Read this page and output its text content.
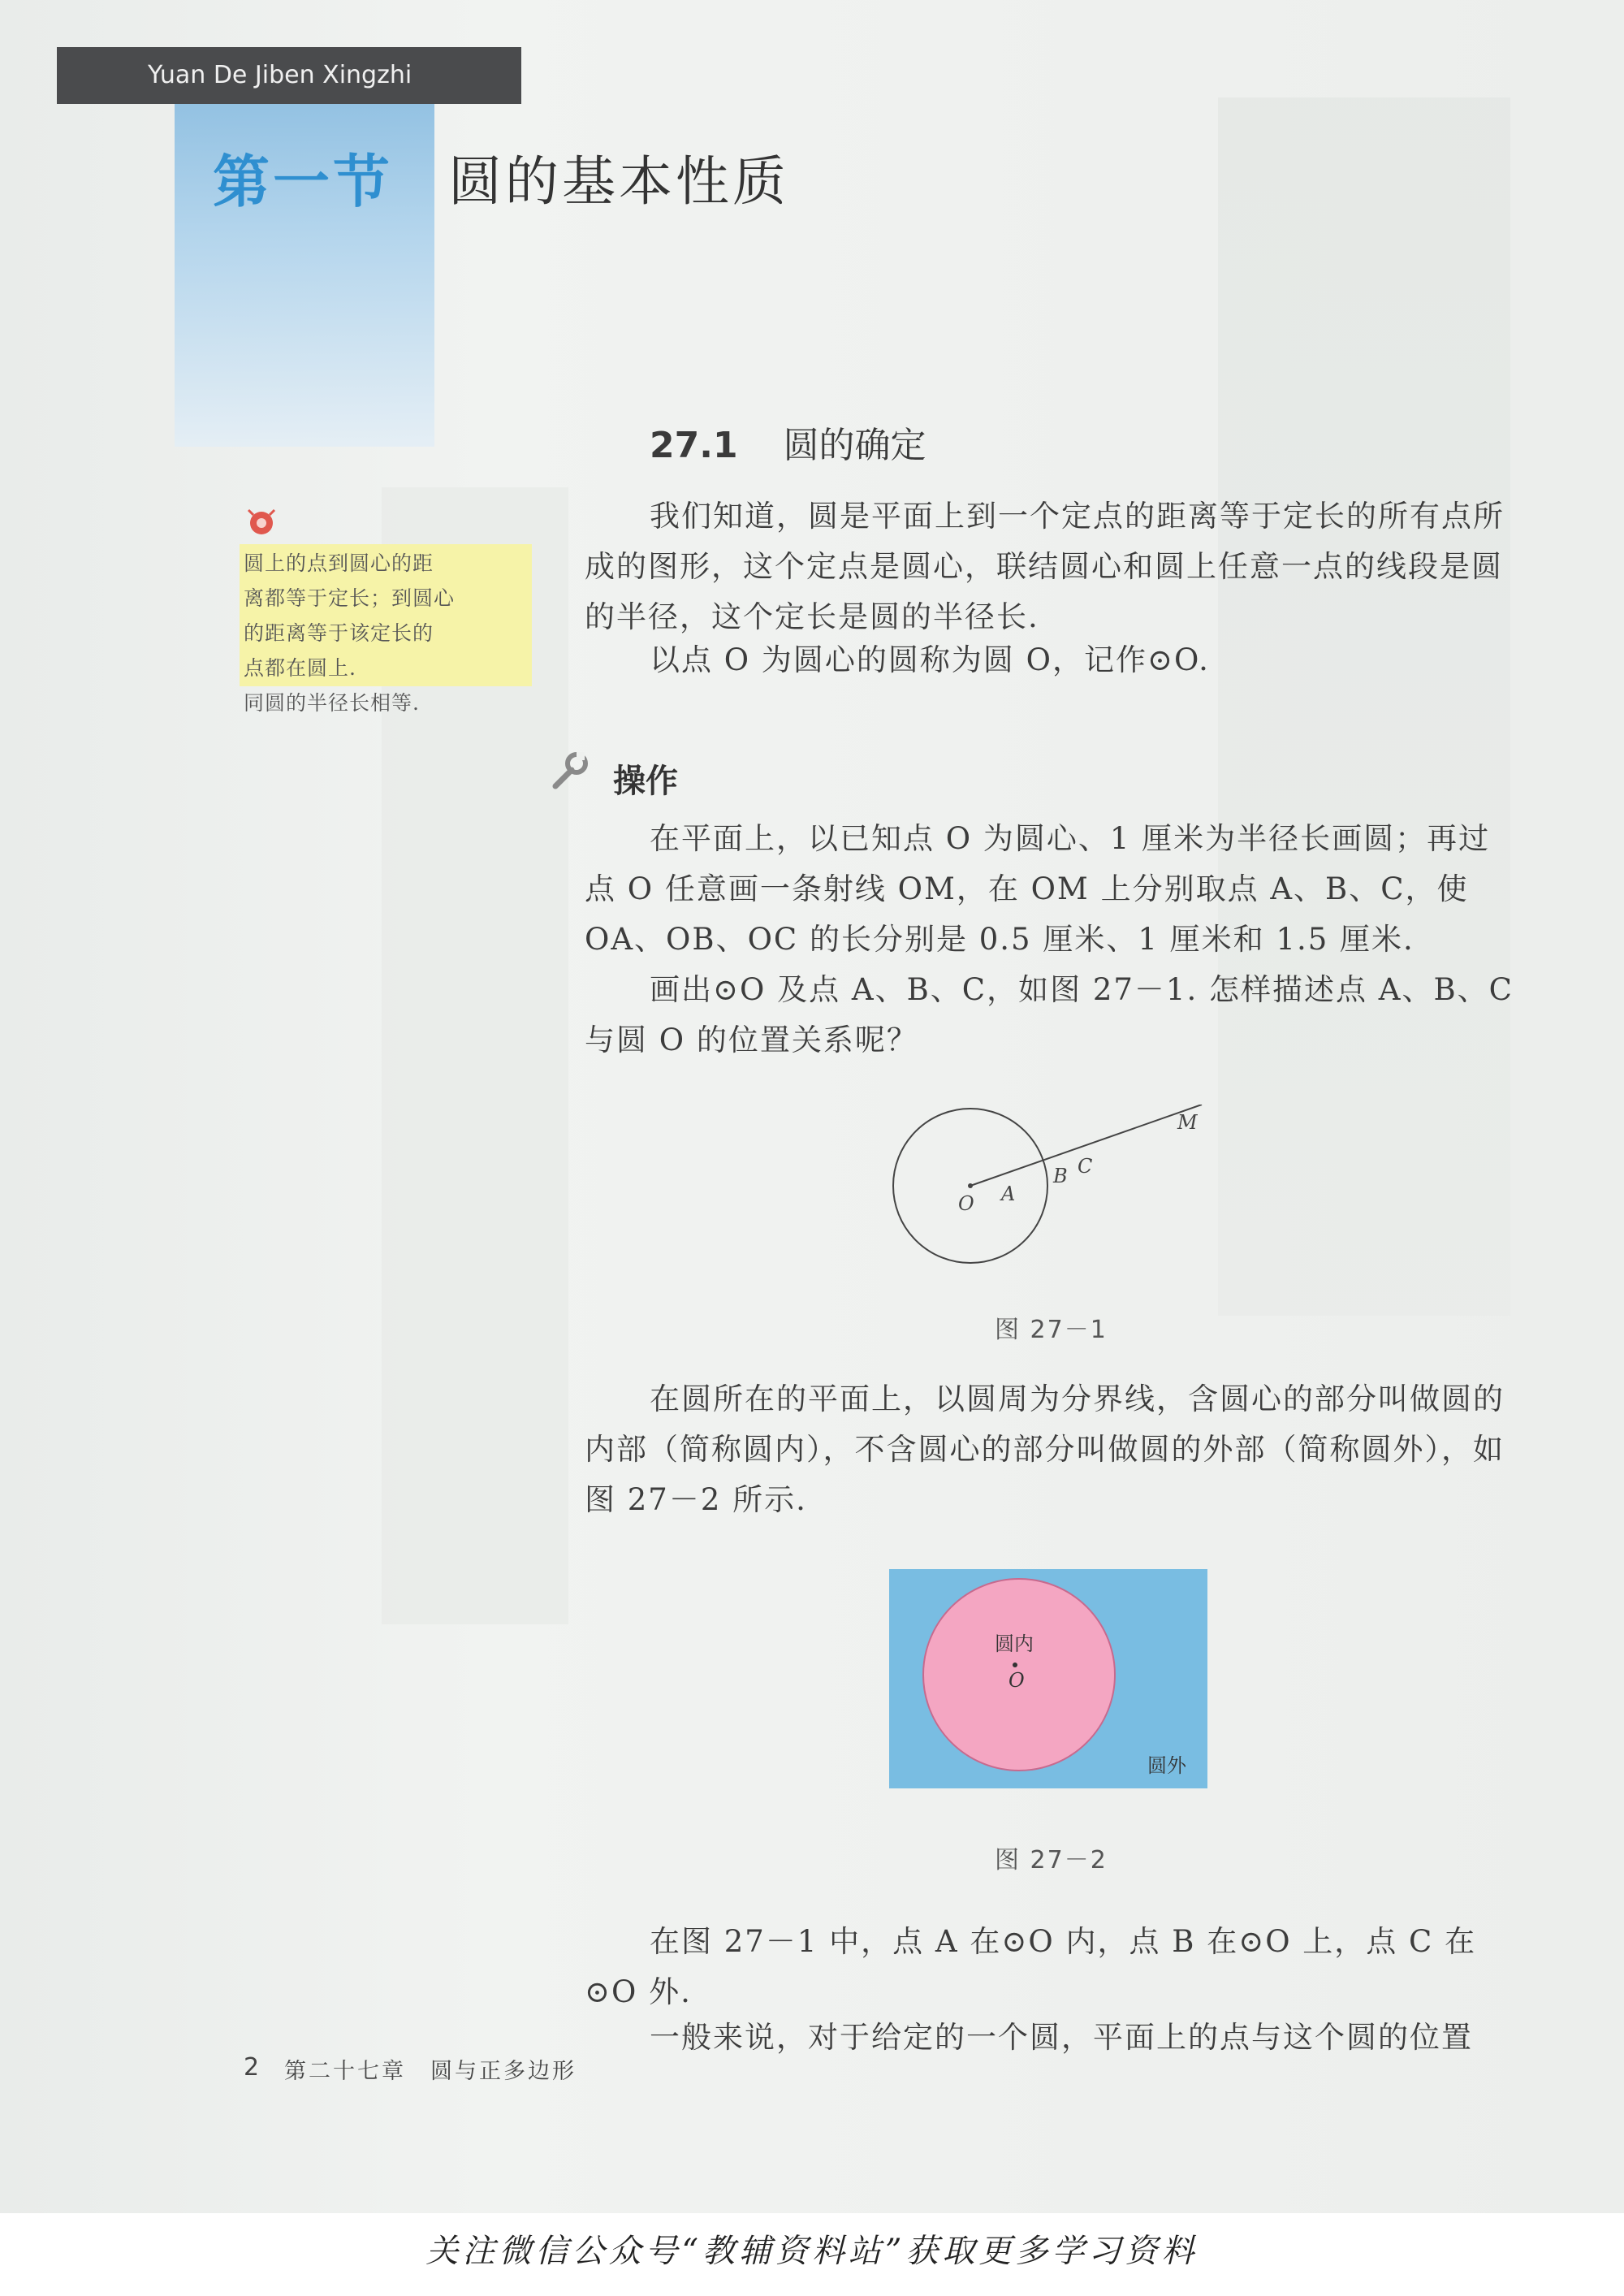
Yuan De Jiben Xingzhi
第一节 圆的基本性质
27.1 圆的确定
圆上的点到圆心的距
离都等于定长；到圆心
的距离等于该定长的
点都在圆上.
同圆的半径长相等.
我们知道，圆是平面上到一个定点的距离等于定长的所有点所成的图形，这个定点是圆心，联结圆心和圆上任意一点的线段是圆的半径，这个定长是圆的半径长.
以点 O 为圆心的圆称为圆 O，记作⊙O.
操作
在平面上，以已知点 O 为圆心、1 厘米为半径长画圆；再过点 O 任意画一条射线 OM，在 OM 上分别取点 A、B、C，使 OA、OB、OC 的长分别是 0.5 厘米、1 厘米和 1.5 厘米.
画出⊙O 及点 A、B、C，如图 27－1. 怎样描述点 A、B、C 与圆 O 的位置关系呢？
O A
B C
M
图 27－1
在圆所在的平面上，以圆周为分界线，含圆心的部分叫做圆的内部（简称圆内），不含圆心的部分叫做圆的外部（简称圆外），如图 27－2 所示.
圆内
O
圆外
图 27－2
在图 27－1 中，点 A 在⊙O 内，点 B 在⊙O 上，点 C 在⊙O 外.
一般来说，对于给定的一个圆，平面上的点与这个圆的位置
2 第二十七章　圆与正多边形
关注微信公众号“教辅资料站”获取更多学习资料
